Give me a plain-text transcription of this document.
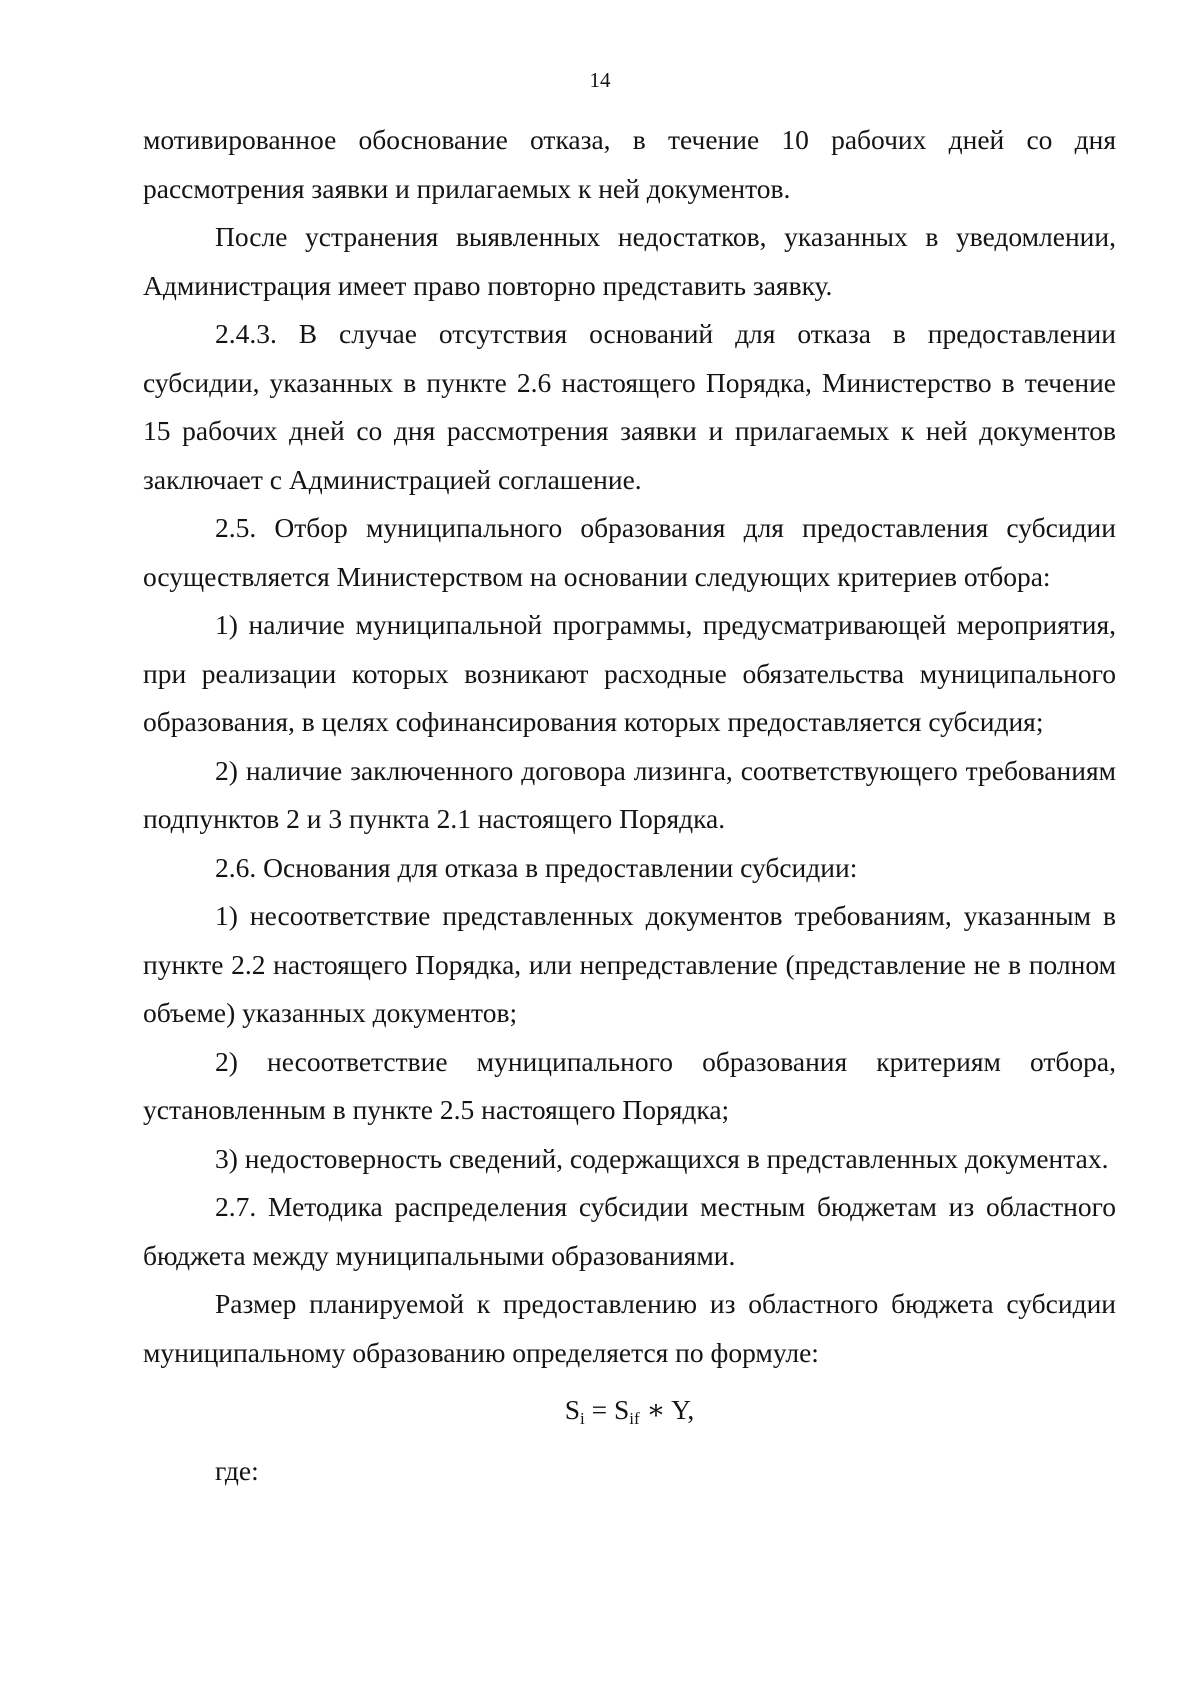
14

мотивированное обоснование отказа, в течение 10 рабочих дней со дня рассмотрения заявки и прилагаемых к ней документов.

После устранения выявленных недостатков, указанных в уведомлении, Администрация имеет право повторно представить заявку.

2.4.3. В случае отсутствия оснований для отказа в предоставлении субсидии, указанных в пункте 2.6 настоящего Порядка, Министерство в течение 15 рабочих дней со дня рассмотрения заявки и прилагаемых к ней документов заключает с Администрацией соглашение.

2.5. Отбор муниципального образования для предоставления субсидии осуществляется Министерством на основании следующих критериев отбора:

1) наличие муниципальной программы, предусматривающей мероприятия, при реализации которых возникают расходные обязательства муниципального образования, в целях софинансирования которых предоставляется субсидия;

2) наличие заключенного договора лизинга, соответствующего требованиям подпунктов 2 и 3 пункта 2.1 настоящего Порядка.

2.6. Основания для отказа в предоставлении субсидии:

1) несоответствие представленных документов требованиям, указанным в пункте 2.2 настоящего Порядка, или непредставление (представление не в полном объеме) указанных документов;

2) несоответствие муниципального образования критериям отбора, установленным в пункте 2.5 настоящего Порядка;

3) недостоверность сведений, содержащихся в представленных документах.

2.7. Методика распределения субсидии местным бюджетам из областного бюджета между муниципальными образованиями.

Размер планируемой к предоставлению из областного бюджета субсидии муниципальному образованию определяется по формуле:

$S_i = S_{if}$ ∗ Y,

где:
